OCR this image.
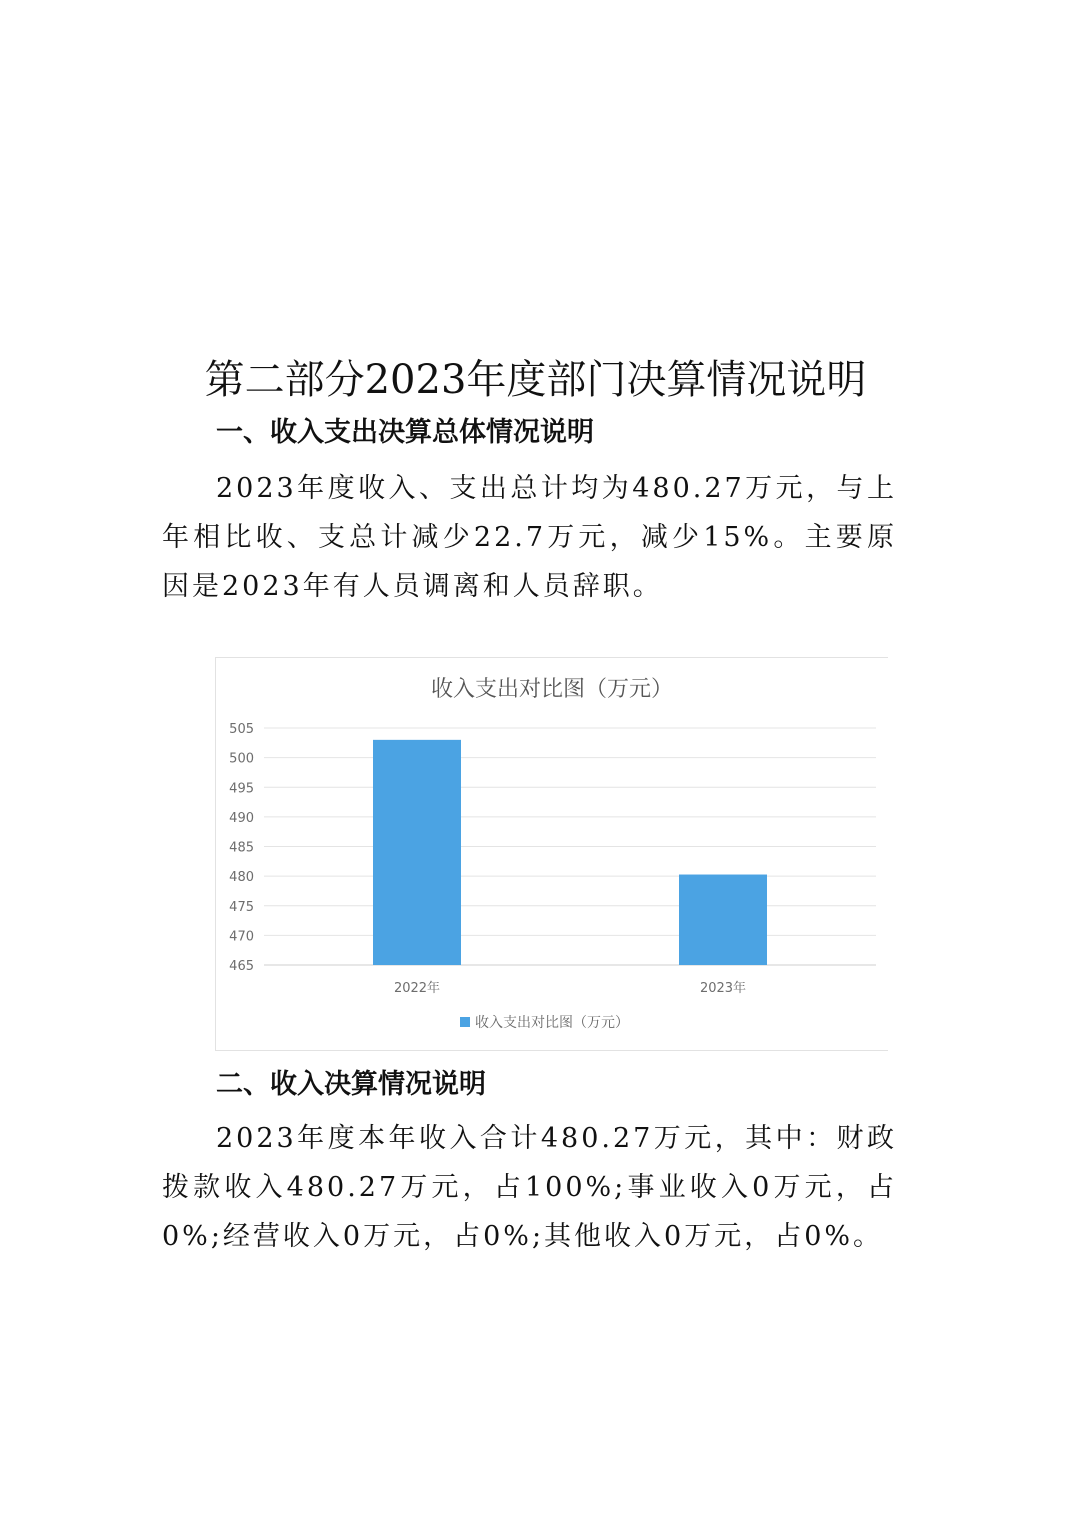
第二部分2023年度部门决算情况说明
一、收入支出决算总体情况说明

2023年度收入、支出总计均为480.27万元，与上年相比收、支总计减少22.7万元，减少15%。主要原因是2023年有人员调离和人员辞职。

收入支出对比图（万元）
465
470
475
480
485
490
495
500
505
2022年	2023年
收入支出对比图（万元）
二、收入决算情况说明

2023年度本年收入合计480.27万元，其中：财政拨款收入480.27万元，占100%;事业收入0万元，占0%;经营收入0万元，占0%;其他收入0万元，占0%。
